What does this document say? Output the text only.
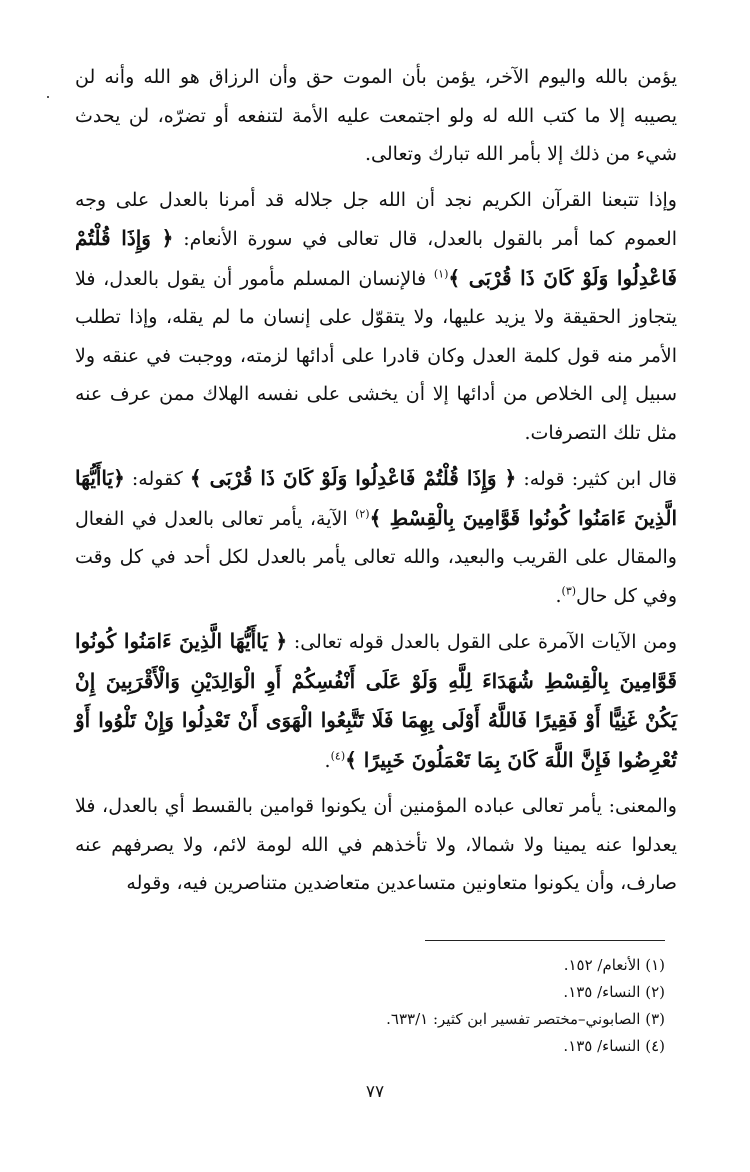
يؤمن بالله واليوم الآخر، يؤمن بأن الموت حق وأن الرزاق هو الله وأنه لن يصيبه إلا ما كتب الله له ولو اجتمعت عليه الأمة لتنفعه أو تضرّه، لن يحدث شيء من ذلك إلا بأمر الله تبارك وتعالى.

وإذا تتبعنا القرآن الكريم نجد أن الله جل جلاله قد أمرنا بالعدل على وجه العموم كما أمر بالقول بالعدل، قال تعالى في سورة الأنعام: ﴿ وَإِذَا قُلْتُمْ فَاعْدِلُوا وَلَوْ كَانَ ذَا قُرْبَى ﴾$^{(١)}$ فالإنسان المسلم مأمور أن يقول بالعدل، فلا يتجاوز الحقيقة ولا يزيد عليها، ولا يتقوّل على إنسان ما لم يقله، وإذا تطلب الأمر منه قول كلمة العدل وكان قادرا على أدائها لزمته، ووجبت في عنقه ولا سبيل إلى الخلاص من أدائها إلا أن يخشى على نفسه الهلاك ممن عرف عنه مثل تلك التصرفات.

قال ابن كثير: قوله: ﴿ وَإِذَا قُلْتُمْ فَاعْدِلُوا وَلَوْ كَانَ ذَا قُرْبَى ﴾ كقوله: ﴿يَاأَيُّهَا الَّذِينَ ءَامَنُوا كُونُوا قَوَّامِينَ بِالْقِسْطِ ﴾$^{(٢)}$ الآية، يأمر تعالى بالعدل في الفعال والمقال على القريب والبعيد، والله تعالى يأمر بالعدل لكل أحد في كل وقت وفي كل حال$^{(٣)}$.

ومن الآيات الآمرة على القول بالعدل قوله تعالى: ﴿ يَاأَيُّهَا الَّذِينَ ءَامَنُوا كُونُوا قَوَّامِينَ بِالْقِسْطِ شُهَدَاءَ لِلَّهِ وَلَوْ عَلَى أَنْفُسِكُمْ أَوِ الْوَالِدَيْنِ وَالْأَقْرَبِينَ إِنْ يَكُنْ غَنِيًّا أَوْ فَقِيرًا فَاللَّهُ أَوْلَى بِهِمَا فَلَا تَتَّبِعُوا الْهَوَى أَنْ تَعْدِلُوا وَإِنْ تَلْوُوا أَوْ تُعْرِضُوا فَإِنَّ اللَّهَ كَانَ بِمَا تَعْمَلُونَ خَبِيرًا ﴾$^{(٤)}$.

والمعنى: يأمر تعالى عباده المؤمنين أن يكونوا قوامين بالقسط أي بالعدل، فلا يعدلوا عنه يمينا ولا شمالا، ولا تأخذهم في الله لومة لائم، ولا يصرفهم عنه صارف، وأن يكونوا متعاونين متساعدين متعاضدين متناصرين فيه، وقوله

(١) الأنعام/ ١٥٢.
(٢) النساء/ ١٣٥.
(٣) الصابوني–مختصر تفسير ابن كثير: ٦٣٣/١.
(٤) النساء/ ١٣٥.
٧٧
